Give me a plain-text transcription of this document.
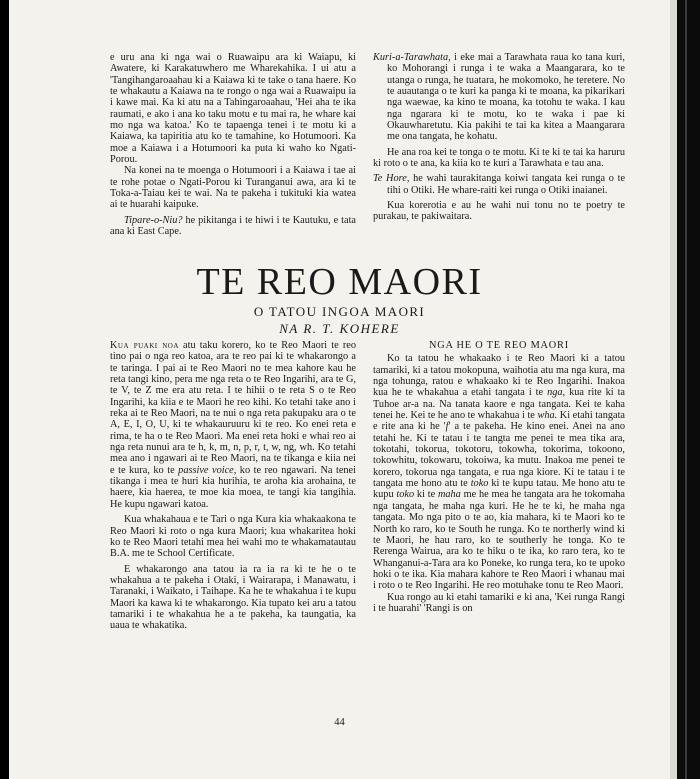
e uru ana ki nga wai o Ruawaipu ara ki Waiapu, ki Awatere, ki Karakatuwhero me Wharekahika. I ui atu a 'Tangihangaroaahau ki a Kaiawa ki te take o tana haere. Ko te whakautu a Kaiawa na te rongo o nga wai a Ruawaipu ia i kawe mai. Ka ki atu na a Tahingaroaahau, 'Hei aha te ika raumati, e ako i ana ko taku motu e tu mai ra, he whare kai mo nga wa katoa.' Ko te tapaenga tenei i te motu ki a Kaiawa, ka tapiritia atu ko te tamahine, ko Hotumoori. Ka moe a Kaiawa i a Hotumoori ka puta ki waho ko Ngati-Porou.

Na konei na te moenga o Hotumoori i a Kaiawa i tae ai te rohe potae o Ngati-Porou ki Turanganui awa, ara ki te Toka-a-Taiau kei te wai. Na te pakeha i tukituki kia watea ai te huarahi kaipuke.

Tipare-o-Niu? he pikitanga i te hiwi i te Kautuku, e tata ana ki East Cape.

Kuri-a-Tarawhata, i eke mai a Tarawhata raua ko tana kuri, ko Mohorangi i runga i te waka a Maangarara, ko te utanga o runga, he tuatara, he mokomoko, he teretere. No te auautanga o te kuri ka panga ki te moana, ka pikarikari nga waewae, ka kino te moana, ka totohu te waka. I kau nga ngarara ki te motu, ko te waka i pae ki Okauwharetutu. Kia pakihi te tai ka kitea a Maangarara me ona tangata, he kohatu.

He ana roa kei te tonga o te motu. Ki te ki te tai ka haruru ki roto o te ana, ka kiia ko te kuri a Tarawhata e tau ana.

Te Hore, he wahi taurakitanga koiwi tangata kei runga o te tihi o Otiki. He whare-raiti kei runga o Otiki inaianei.

Kua korerotia e au he wahi nui tonu no te poetry te purakau, te pakiwaitara.

TE REO MAORI
O TATOU INGOA MAORI
NA R. T. KOHERE

Kua puaki noa atu taku korero, ko te Reo Maori te reo tino pai o nga reo katoa, ara te reo pai ki te whakarongo a te taringa. I pai ai te Reo Maori no te mea kahore kau he reta tangi kino, pera me nga reta o te Reo Ingarihi, ara te G, te V, te Z me era atu reta. I te hihii o te reta S o te Reo Ingarihi, ka kiia e te Maori he reo kihi. Ko tetahi take ano i reka ai te Reo Maori, na te nui o nga reta pakupaku ara o te A, E, I, O, U, ki te whakauruuru ki te reo. Ko enei reta e rima, te ha o te Reo Maori. Ma enei reta hoki e whai reo ai nga reta nunui ara te h, k, m, n, p, r, t, w, ng, wh. Ko tetahi mea ano i ngawari ai te Reo Maori, na te tikanga e kiia nei e te kura, ko te passive voice, ko te reo ngawari. Na tenei tikanga i mea te huri kia hurihia, te aroha kia arohaina, te haere, kia haerea, te moe kia moea, te tangi kia tangihia. He kupu ngawari katoa.

Kua whakahaua e te Tari o nga Kura kia whakaakona te Reo Maori ki roto o nga kura Maori; kua whakaritea hoki ko te Reo Maori tetahi mea hei wahi mo te whakamatautau B.A. me te School Certificate.

E whakarongo ana tatou ia ra ia ra ki te he o te whakahua a te pakeha i Otaki, i Wairarapa, i Manawatu, i Taranaki, i Waikato, i Taihape. Ka he te whakahua i te kupu Maori ka kawa ki te whakarongo. Kia tupato kei aru a tatou tamariki i te whakahua he a te pakeha, ka taungatia, ka uaua te whakatika.

NGA HE O TE REO MAORI

Ko ta tatou he whakaako i te Reo Maori ki a tatou tamariki, ki a tatou mokopuna, waihotia atu ma nga kura, ma nga tohunga, ratou e whakaako ki te Reo Ingarihi. Inakoa kua he te whakahua a etahi tangata i te nga, kua rite ki ta Tuhoe ar-a na. Na tanata kaore e nga tangata. Kei te kaha tenei he. Kei te he ano te whakahua i te wha. Ki etahi tangata e rite ana ki he 'f' a te pakeha. He kino enei. Anei na ano tetahi he. Ki te tatau i te tangta me penei te mea tika ara, tokotahi, tokorua, tokotoru, tokowha, tokorima, tokoono, tokowhitu, tokowaru, tokoiwa, ka mutu. Inakoa me penei te korero, tokorua nga tangata, e rua nga kiore. Ki te tatau i te tangata me hono atu te toko ki te kupu tatau. Me hono atu te kupu toko ki te maha me he mea he tangata ara he tokomaha nga tangata, he maha nga kuri. He he te ki, he maha nga tangata. Mo nga pito o te ao, kia mahara, ki te Maori ko te North ko raro, ko te South he runga. Ko te northerly wind ki te Maori, he hau raro, ko te southerly he tonga. Ko te Rerenga Wairua, ara ko te hiku o te ika, ko raro tera, ko te Whanganui-a-Tara ara ko Poneke, ko runga tera, ko te upoko hoki o te ika. Kia mahara kahore te Reo Maori i whanau mai i roto o te Reo Ingarihi. He reo motuhake tonu te Reo Maori.

Kua rongo au ki etahi tamariki e ki ana, 'Kei runga Rangi i te huarahi' 'Rangi is on

44
